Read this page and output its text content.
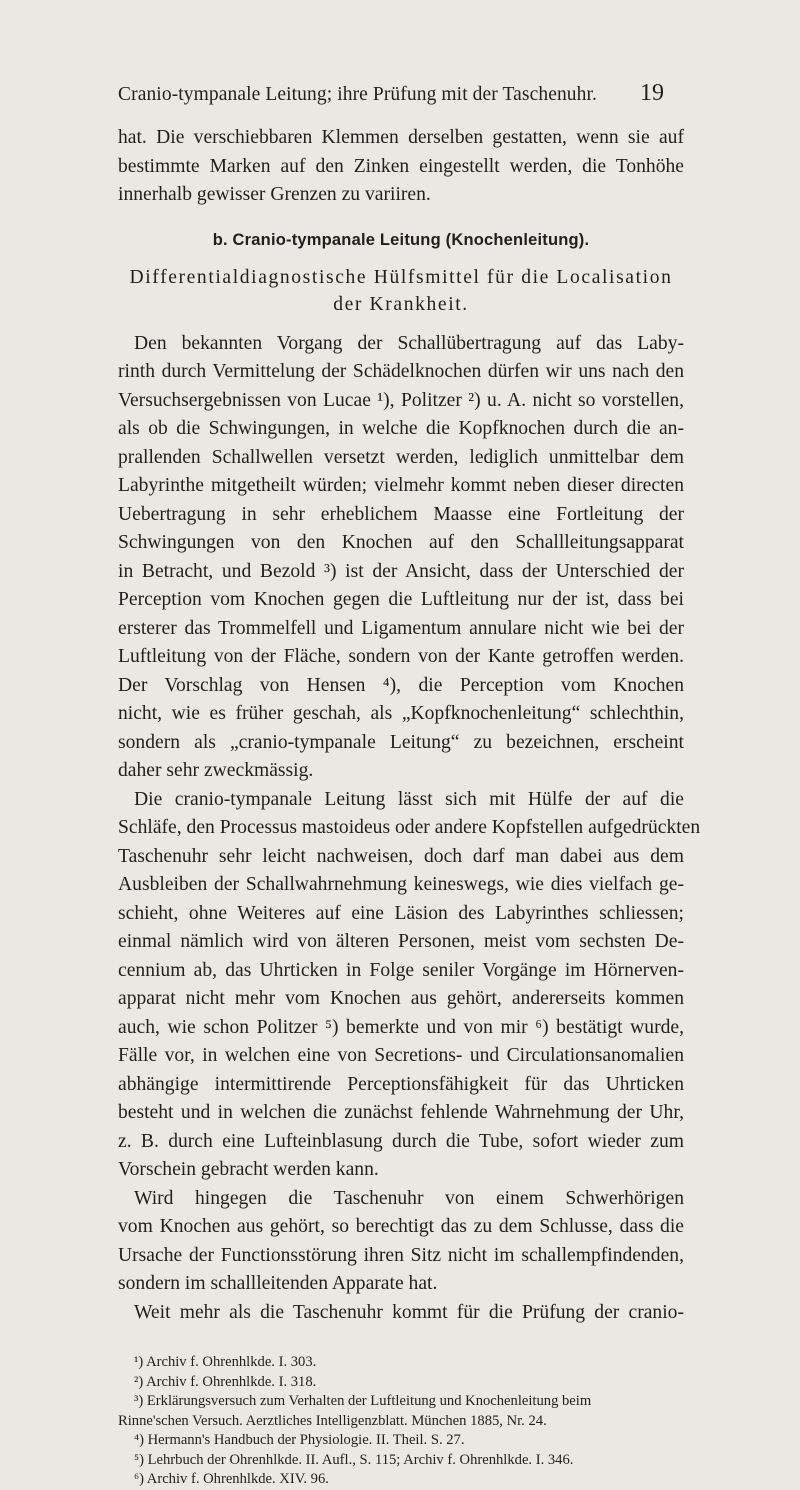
Cranio-tympanale Leitung; ihre Prüfung mit der Taschenuhr. 19
hat. Die verschiebbaren Klemmen derselben gestatten, wenn sie auf
bestimmte Marken auf den Zinken eingestellt werden, die Tonhöhe
innerhalb gewisser Grenzen zu variiren.
b. Cranio-tympanale Leitung (Knochenleitung).
Differentialdiagnostische Hülfsmittel für die Localisation
der Krankheit.
Den bekannten Vorgang der Schallübertragung auf das Laby-
rinth durch Vermittelung der Schädelknochen dürfen wir uns nach den
Versuchsergebnissen von Lucae ¹), Politzer ²) u. A. nicht so vorstellen,
als ob die Schwingungen, in welche die Kopfknochen durch die an-
prallenden Schallwellen versetzt werden, lediglich unmittelbar dem
Labyrinthe mitgetheilt würden; vielmehr kommt neben dieser directen
Uebertragung in sehr erheblichem Maasse eine Fortleitung der
Schwingungen von den Knochen auf den Schallleitungsapparat
in Betracht, und Bezold ³) ist der Ansicht, dass der Unterschied der
Perception vom Knochen gegen die Luftleitung nur der ist, dass bei
ersterer das Trommelfell und Ligamentum annulare nicht wie bei der
Luftleitung von der Fläche, sondern von der Kante getroffen werden.
Der Vorschlag von Hensen ⁴), die Perception vom Knochen
nicht, wie es früher geschah, als „Kopfknochenleitung“ schlechthin,
sondern als „cranio-tympanale Leitung“ zu bezeichnen, erscheint
daher sehr zweckmässig.
Die cranio-tympanale Leitung lässt sich mit Hülfe der auf die
Schläfe, den Processus mastoideus oder andere Kopfstellen aufgedrückten
Taschenuhr sehr leicht nachweisen, doch darf man dabei aus dem
Ausbleiben der Schallwahrnehmung keineswegs, wie dies vielfach ge-
schieht, ohne Weiteres auf eine Läsion des Labyrinthes schliessen;
einmal nämlich wird von älteren Personen, meist vom sechsten De-
cennium ab, das Uhrticken in Folge seniler Vorgänge im Hörnerven-
apparat nicht mehr vom Knochen aus gehört, andererseits kommen
auch, wie schon Politzer ⁵) bemerkte und von mir ⁶) bestätigt wurde,
Fälle vor, in welchen eine von Secretions- und Circulationsanomalien
abhängige intermittirende Perceptionsfähigkeit für das Uhrticken
besteht und in welchen die zunächst fehlende Wahrnehmung der Uhr,
z. B. durch eine Lufteinblasung durch die Tube, sofort wieder zum
Vorschein gebracht werden kann.
Wird hingegen die Taschenuhr von einem Schwerhörigen
vom Knochen aus gehört, so berechtigt das zu dem Schlusse, dass die
Ursache der Functionsstörung ihren Sitz nicht im schallempfindenden,
sondern im schallleitenden Apparate hat.
Weit mehr als die Taschenuhr kommt für die Prüfung der cranio-
¹) Archiv f. Ohrenhlkde. I. 303.
²) Archiv f. Ohrenhlkde. I. 318.
³) Erklärungsversuch zum Verhalten der Luftleitung und Knochenleitung beim
Rinne'schen Versuch. Aerztliches Intelligenzblatt. München 1885, Nr. 24.
⁴) Hermann's Handbuch der Physiologie. II. Theil. S. 27.
⁵) Lehrbuch der Ohrenhlkde. II. Aufl., S. 115; Archiv f. Ohrenhlkde. I. 346.
⁶) Archiv f. Ohrenhlkde. XIV. 96.
